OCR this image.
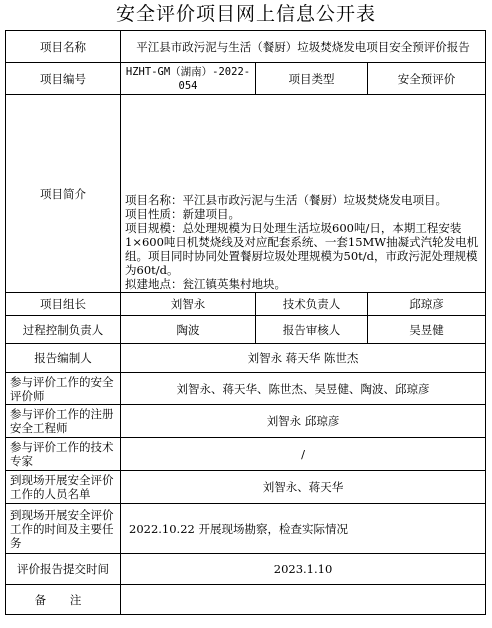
安全评价项目网上信息公开表
项目名称	平江县市政污泥与生活（餐厨）垃圾焚烧发电项目安全预评价报告		
项目编号	HZHT-GM（湖南）-2022-054	项目类型	安全预评价
项目简介	项目名称：平江县市政污泥与生活（餐厨）垃圾焚烧发电项目。
项目性质：新建项目。
项目规模：总处理规模为日处理生活垃圾600吨/日，本期工程安装1×600吨日机焚烧线及对应配套系统、一套15MW抽凝式汽轮发电机组。项目同时协同处置餐厨垃圾处理规模为50t/d，市政污泥处理规模为60t/d。
拟建地点：瓮江镇英集村地块。		

项目组长	刘智永	技术负责人	邱琼彦
过程控制负责人	陶波	报告审核人	吴昱健
报告编制人	刘智永 蒋天华 陈世杰		
参与评价工作的安全评价师	刘智永、蒋天华、陈世杰、吴昱健、陶波、邱琼彦		
参与评价工作的注册安全工程师	刘智永 邱琼彦		
参与评价工作的技术专家	/		
到现场开展安全评价工作的人员名单	刘智永、蒋天华		
到现场开展安全评价工作的时间及主要任务	2022.10.22 开展现场勘察，检查实际情况		
评价报告提交时间	2023.1.10		
备 注			
